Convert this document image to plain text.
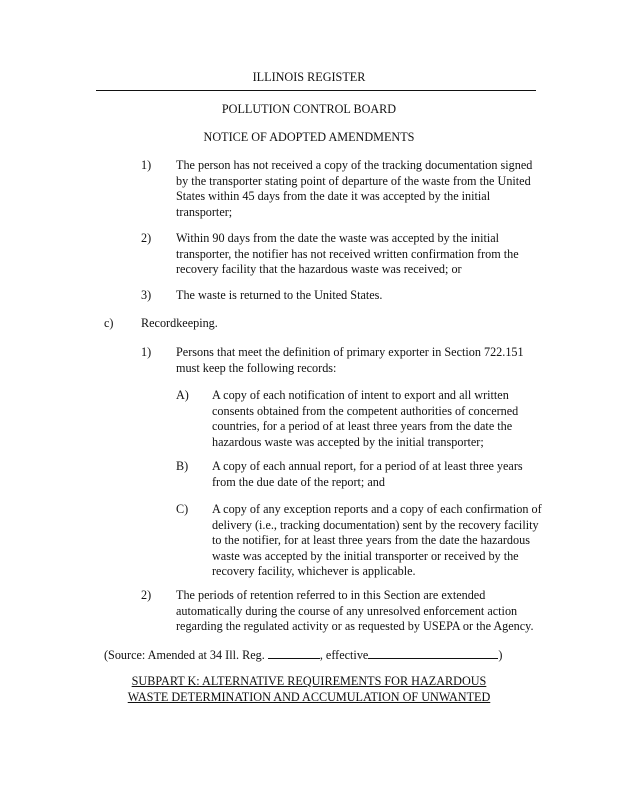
ILLINOIS REGISTER
POLLUTION CONTROL BOARD
NOTICE OF ADOPTED AMENDMENTS
1) The person has not received a copy of the tracking documentation signed by the transporter stating point of departure of the waste from the United States within 45 days from the date it was accepted by the initial transporter;
2) Within 90 days from the date the waste was accepted by the initial transporter, the notifier has not received written confirmation from the recovery facility that the hazardous waste was received; or
3) The waste is returned to the United States.
c) Recordkeeping.
1) Persons that meet the definition of primary exporter in Section 722.151 must keep the following records:
A) A copy of each notification of intent to export and all written consents obtained from the competent authorities of concerned countries, for a period of at least three years from the date the hazardous waste was accepted by the initial transporter;
B) A copy of each annual report, for a period of at least three years from the due date of the report; and
C) A copy of any exception reports and a copy of each confirmation of delivery (i.e., tracking documentation) sent by the recovery facility to the notifier, for at least three years from the date the hazardous waste was accepted by the initial transporter or received by the recovery facility, whichever is applicable.
2) The periods of retention referred to in this Section are extended automatically during the course of any unresolved enforcement action regarding the regulated activity or as requested by USEPA or the Agency.
(Source: Amended at 34 Ill. Reg.	, effective	)
SUBPART K: ALTERNATIVE REQUIREMENTS FOR HAZARDOUS
WASTE DETERMINATION AND ACCUMULATION OF UNWANTED
